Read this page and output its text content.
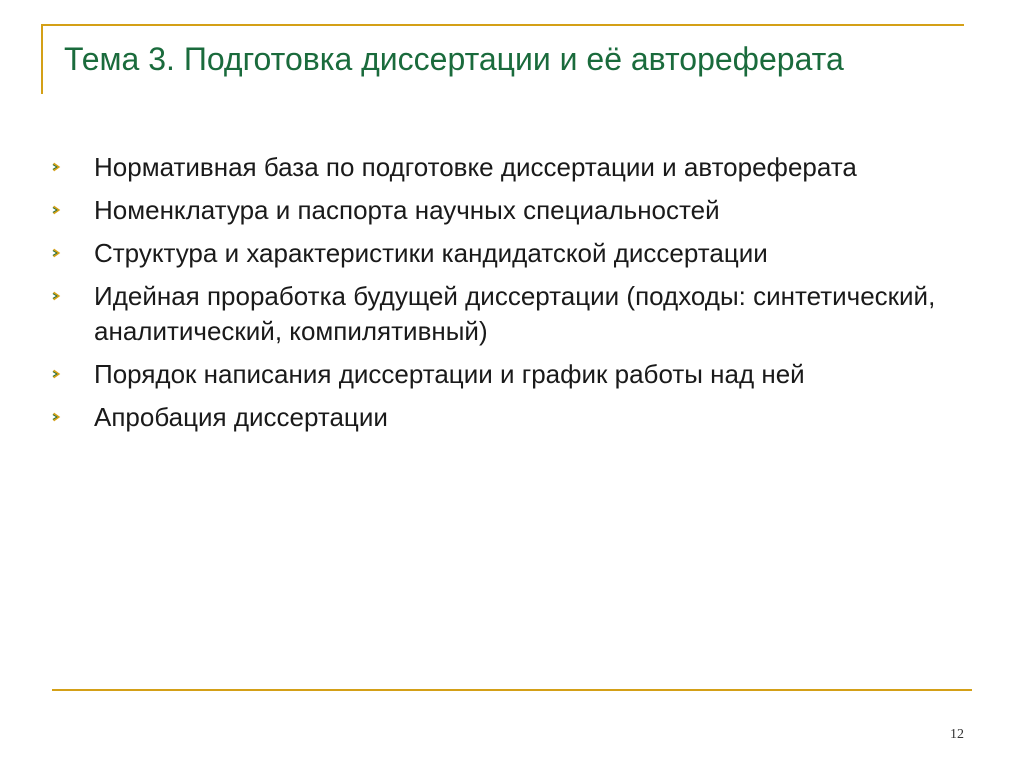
Тема 3. Подготовка диссертации и её автореферата
Нормативная база по подготовке диссертации и автореферата
Номенклатура и паспорта научных специальностей
Структура и характеристики кандидатской диссертации
Идейная проработка будущей диссертации (подходы: синтетический, аналитический, компилятивный)
Порядок написания диссертации и график работы над ней
Апробация диссертации
12
